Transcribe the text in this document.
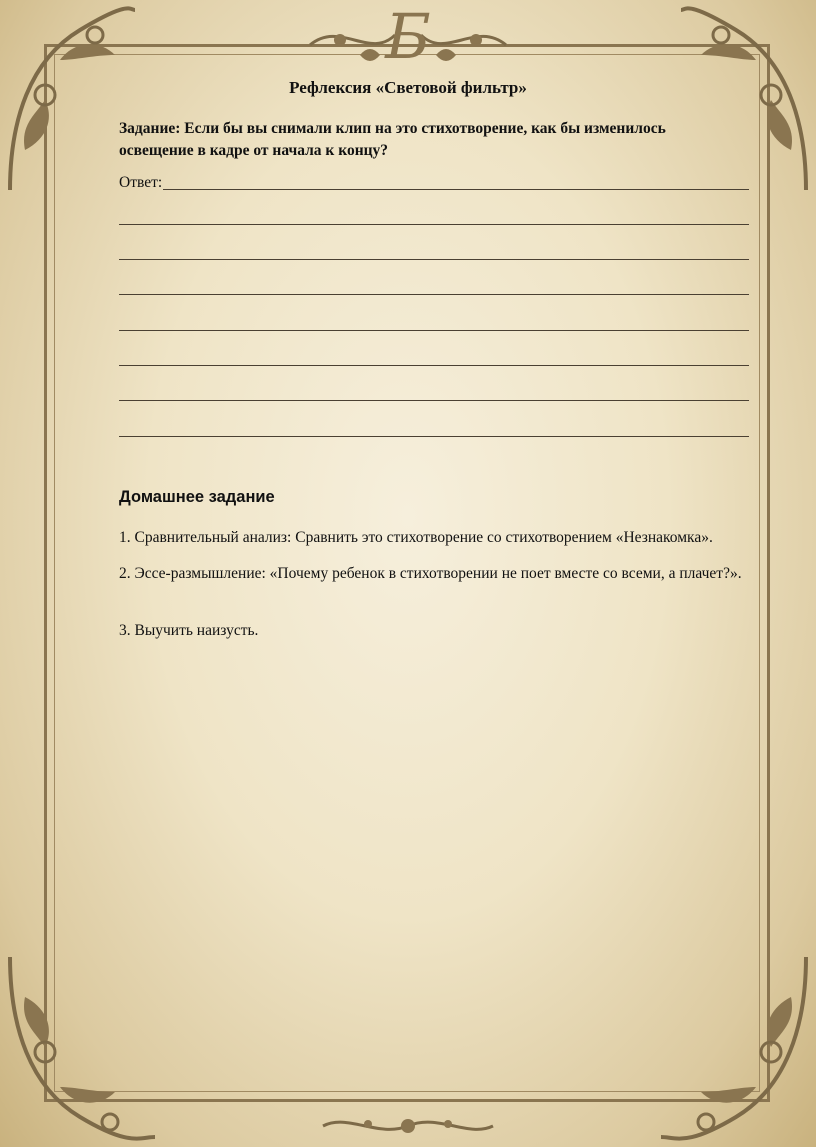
Б
Рефлексия «Световой фильтр»

Задание: Если бы вы снимали клип на это стихотворение, как бы изменилось освещение в кадре от начала к концу?

Ответ:
Домашнее задание

1. Сравнительный анализ: Сравнить это стихотворение со стихотворением «Незнакомка».

2. Эссе-размышление: «Почему ребенок в стихотворении не поет вместе со всеми, а плачет?».

3. Выучить наизусть.
